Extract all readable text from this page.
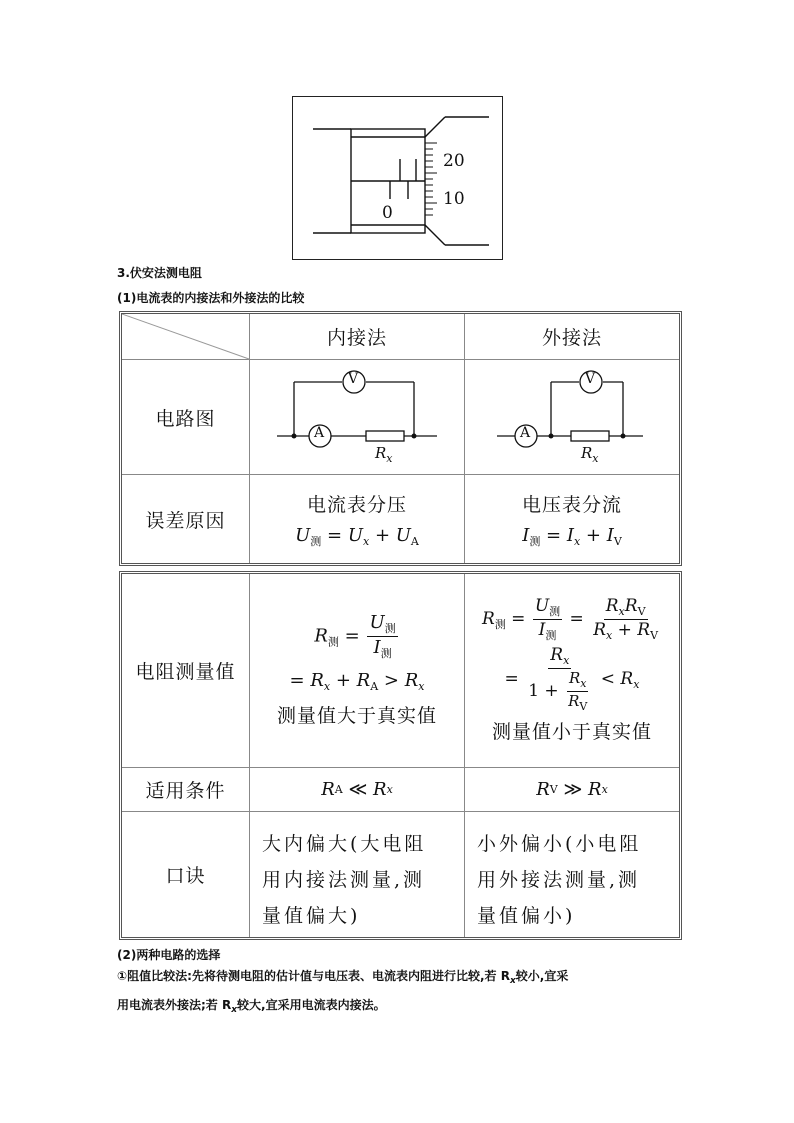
20
10
0
3.伏安法测电阻
(1)电流表的内接法和外接法的比较
内接法	外接法
电路图
误差原因
V
A
$R_x$
V
A
$R_x$
电流表分压
$U_测 = U_x + U_A$
电压表分流
$I_测 = I_x + I_V$
电阻测量值
适用条件
口诀
$R_测 = \frac{U_测}{I_测}$
= $R_x + R_A > R_x$
测量值大于真实值
$R_测 = \frac{U_测}{I_测} = \frac{R_xR_V}{R_x + R_V}$
= $\frac{R_x}{1 + \frac{R_x}{R_V}} < R_x$
测量值小于真实值
R A ≪ R x	R V ≫ R x
大内偏大(大电阻
用内接法测量,测
量值偏大)
小外偏小(小电阻
用外接法测量,测
量值偏小)
(2)两种电路的选择
①阻值比较法:先将待测电阻的估计值与电压表、电流表内阻进行比较,若 $R_x$较小,宜采
用电流表外接法;若 $R_x$较大,宜采用电流表内接法。
